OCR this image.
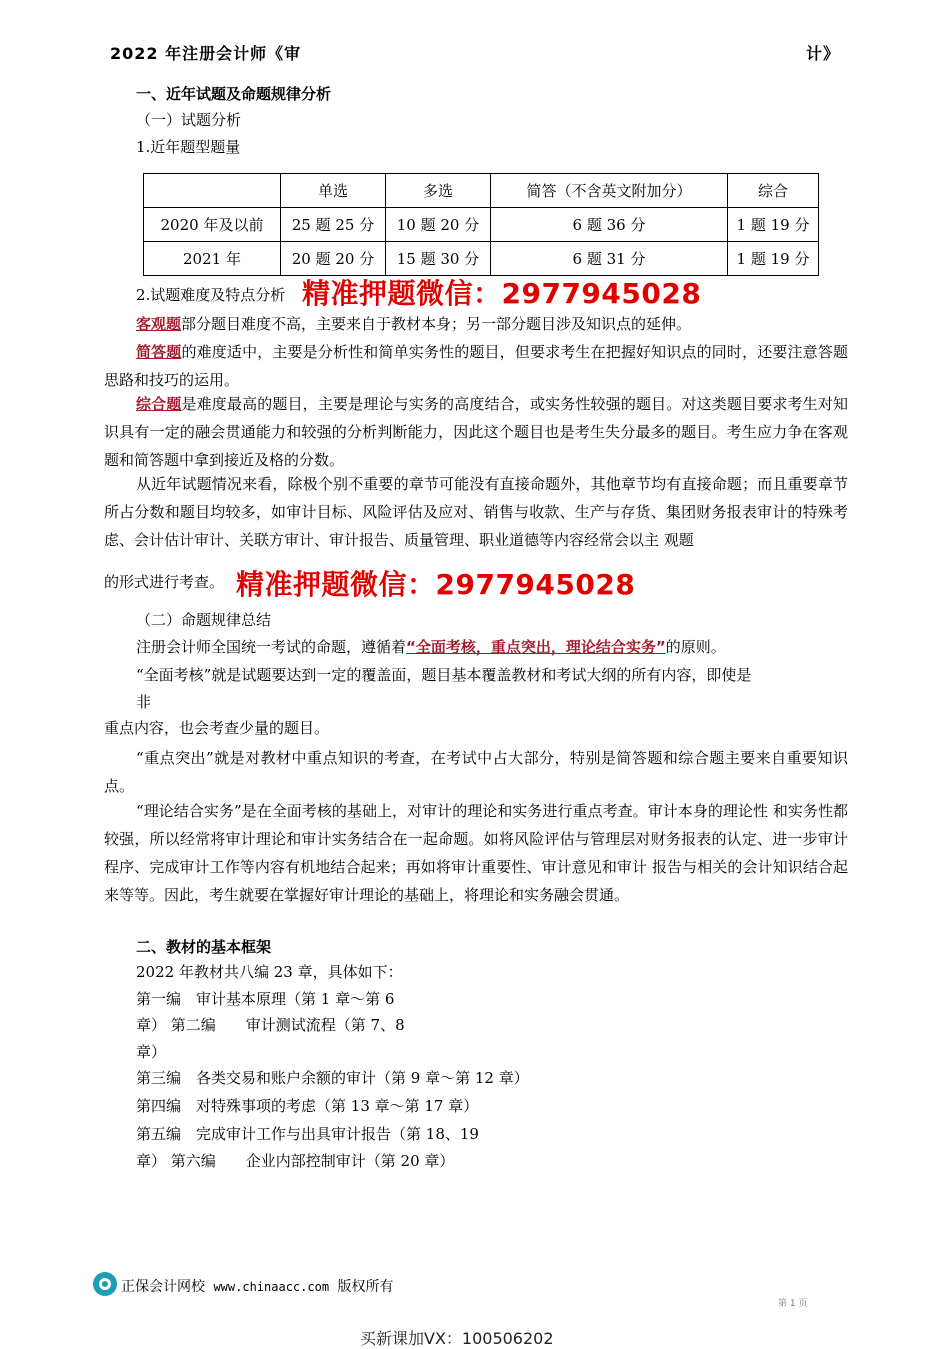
2022 年注册会计师《审	计》
一、近年试题及命题规律分析
（一）试题分析
1.近年题型题量
	单选	多选	简答（不含英文附加分）	综合
2020 年及以前	25 题 25 分	10 题 20 分	6 题 36 分	1 题 19 分
2021 年	20 题 20 分	15 题 30 分	6 题 31 分	1 题 19 分
2.试题难度及特点分析 精准押题微信：2977945028
客观题部分题目难度不高，主要来自于教材本身；另一部分题目涉及知识点的延伸。
简答题的难度适中，主要是分析性和简单实务性的题目，但要求考生在把握好知识点的同时，还要注意答题思路和技巧的运用。
综合题是难度最高的题目，主要是理论与实务的高度结合，或实务性较强的题目。对这类题目要求考生对知识具有一定的融会贯通能力和较强的分析判断能力，因此这个题目也是考生失分最多的题目。考生应力争在客观题和简答题中拿到接近及格的分数。
从近年试题情况来看，除极个别不重要的章节可能没有直接命题外，其他章节均有直接命题；而且重要章节所占分数和题目均较多，如审计目标、风险评估及应对、销售与收款、生产与存货、集团财务报表审计的特殊考虑、会计估计审计、关联方审计、审计报告、质量管理、职业道德等内容经常会以主 观题
的形式进行考查。 精准押题微信：2977945028
（二）命题规律总结
注册会计师全国统一考试的命题，遵循着“全面考核，重点突出，理论结合实务”的原则。
“全面考核”就是试题要达到一定的覆盖面，题目基本覆盖教材和考试大纲的所有内容，即使是
非
重点内容，也会考查少量的题目。
“重点突出”就是对教材中重点知识的考查，在考试中占大部分，特别是简答题和综合题主要来自重要知识点。
“理论结合实务”是在全面考核的基础上，对审计的理论和实务进行重点考查。审计本身的理论性 和实务性都较强，所以经常将审计理论和审计实务结合在一起命题。如将风险评估与管理层对财务报表的认定、进一步审计程序、完成审计工作等内容有机地结合起来；再如将审计重要性、审计意见和审计 报告与相关的会计知识结合起来等等。因此，考生就要在掌握好审计理论的基础上，将理论和实务融会贯通。
二、教材的基本框架
2022 年教材共八编 23 章，具体如下：
第一编　审计基本原理（第 1 章～第 6
章） 第二编　　审计测试流程（第 7、8
章）
第三编　各类交易和账户余额的审计（第 9 章～第 12 章）
第四编　对特殊事项的考虑（第 13 章～第 17 章）
第五编　完成审计工作与出具审计报告（第 18、19
章） 第六编　　企业内部控制审计（第 20 章）
正保会计网校 www.chinaacc.com 版权所有
买新课加VX：100506202
第 1 页
